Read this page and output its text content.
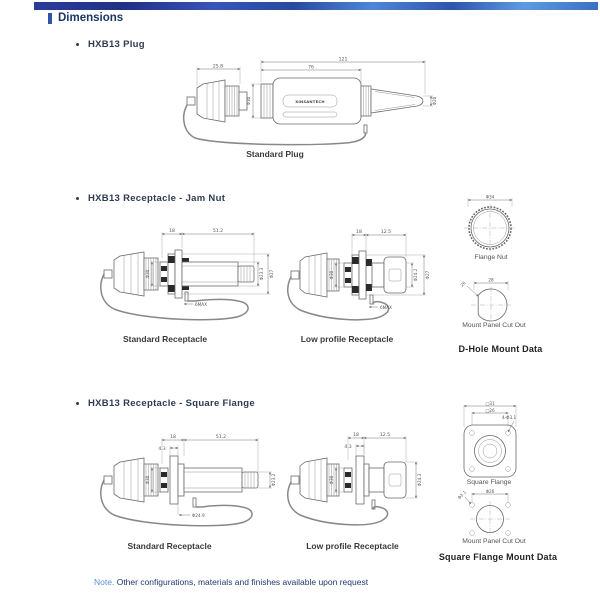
Dimensions
HXB13 Plug
XINSANTECH
121
76
25.8
Φ30	Φ20
Standard Plug
HXB13 Receptacle - Jam Nut
18	51.2
Φ30	Φ23.3 Φ27
6MAX
Standard Receptacle
18	12.5
Φ30	Φ24.2 Φ27
6MAX
Low profile Receptacle
Φ34
Flange Nut
28
26
Mount Panel Cut Out
D-Hole Mount Data
HXB13 Receptacle - Square Flange
18	51.2
4.3
Φ30	Φ23.2
Φ24.9
Standard Receptacle
18	12.5
4.3
Φ30	Φ24.3
Low profile Receptacle
□31
□26
4-Φ3.1
Square Flange
Φ26
Φ3.1
Mount Panel Cut Out
Square Flange Mount Data
Note. Other configurations, materials and finishes available upon request
